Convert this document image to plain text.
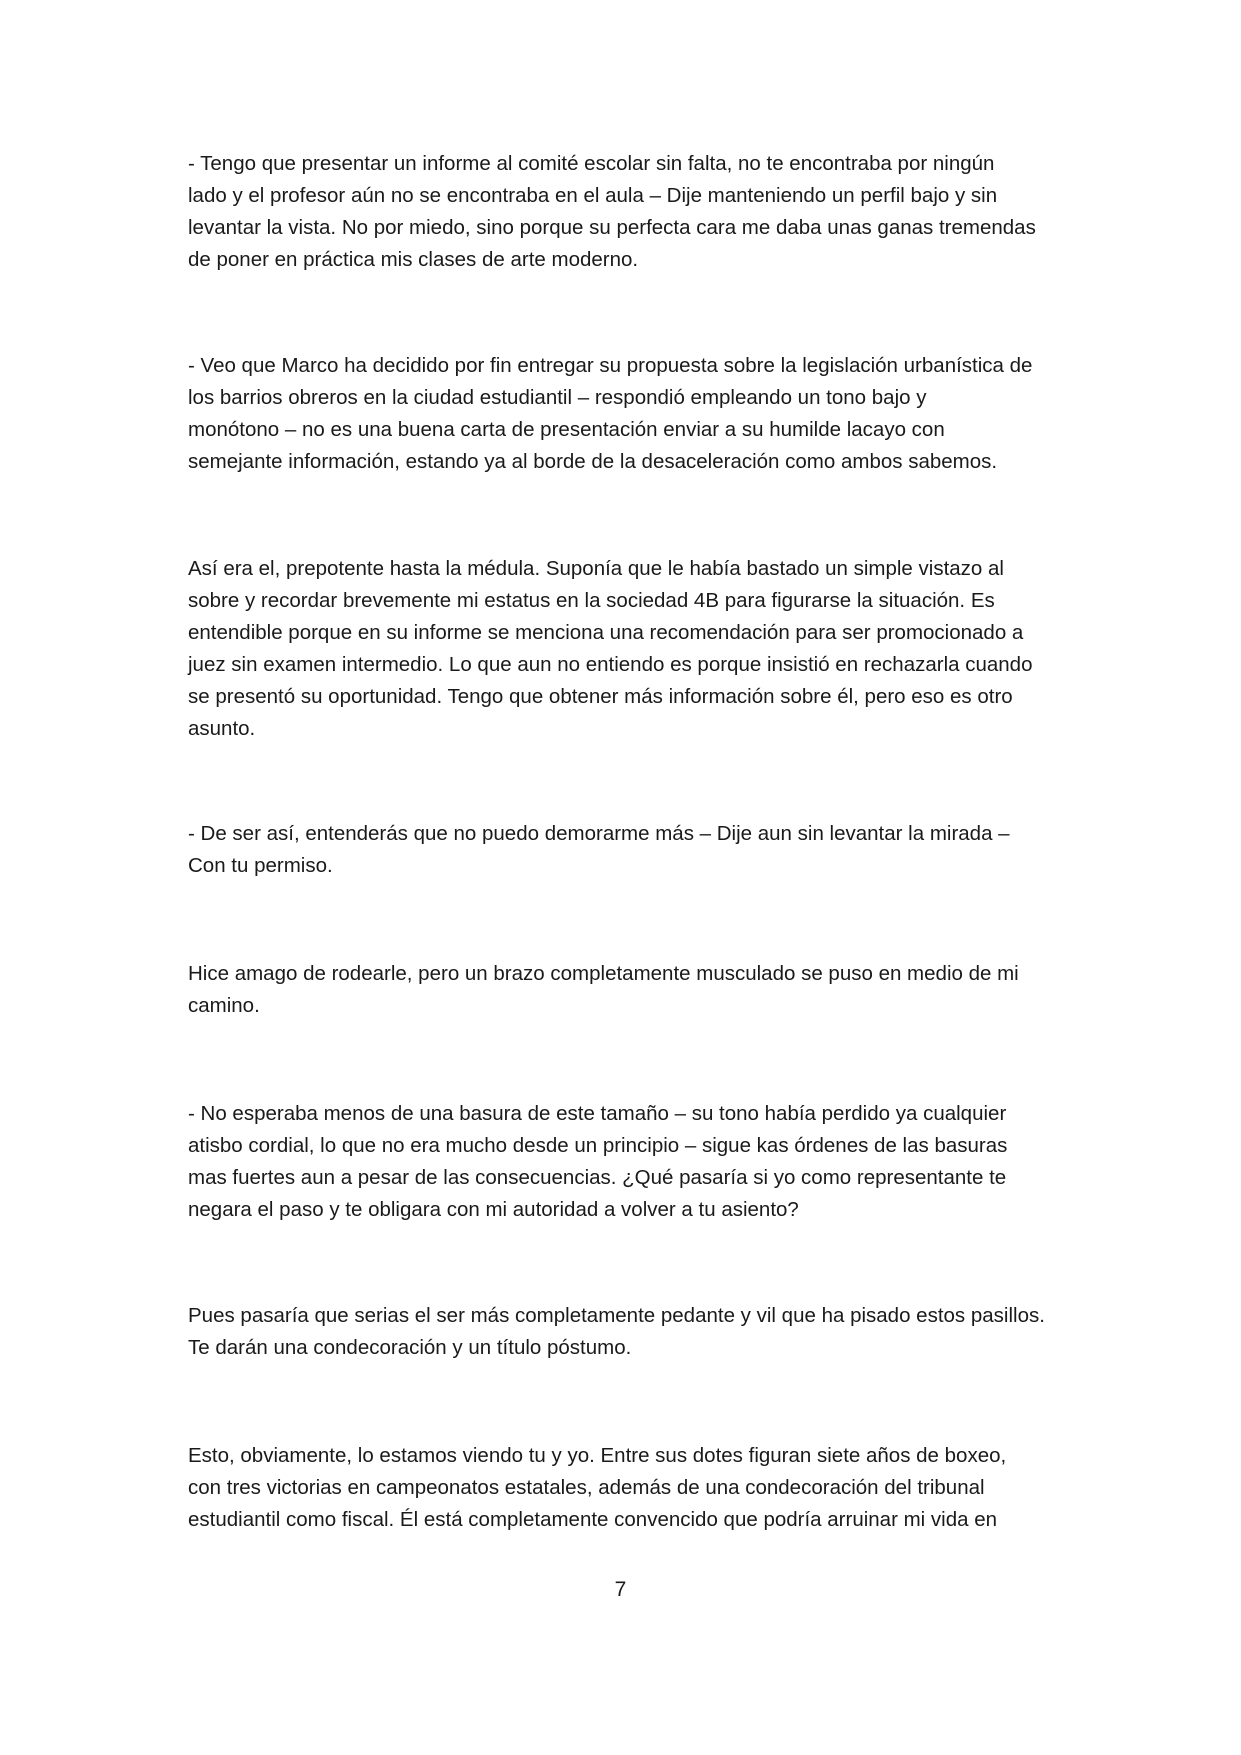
- Tengo que presentar un informe al comité escolar sin falta, no te encontraba por ningún
lado y el profesor aún no se encontraba en el aula – Dije manteniendo un perfil bajo y sin
levantar la vista. No por miedo, sino porque su perfecta cara me daba unas ganas tremendas
de poner en práctica mis clases de arte moderno.

- Veo que Marco ha decidido por fin entregar su propuesta sobre la legislación urbanística de
los barrios obreros en la ciudad estudiantil – respondió empleando un tono bajo y
monótono – no es una buena carta de presentación enviar a su humilde lacayo con
semejante información, estando ya al borde de la desaceleración como ambos sabemos.

Así era el, prepotente hasta la médula. Suponía que le había bastado un simple vistazo al
sobre y recordar brevemente mi estatus en la sociedad 4B para figurarse la situación. Es
entendible porque en su informe se menciona una recomendación para ser promocionado a
juez sin examen intermedio. Lo que aun no entiendo es porque insistió en rechazarla cuando
se presentó su oportunidad. Tengo que obtener más información sobre él, pero eso es otro
asunto.

- De ser así, entenderás que no puedo demorarme más – Dije aun sin levantar la mirada –
Con tu permiso.

Hice amago de rodearle, pero un brazo completamente musculado se puso en medio de mi
camino.

- No esperaba menos de una basura de este tamaño – su tono había perdido ya cualquier
atisbo cordial, lo que no era mucho desde un principio – sigue kas órdenes de las basuras
mas fuertes aun a pesar de las consecuencias. ¿Qué pasaría si yo como representante te
negara el paso y te obligara con mi autoridad a volver a tu asiento?

Pues pasaría que serias el ser más completamente pedante y vil que ha pisado estos pasillos.
Te darán una condecoración y un título póstumo.

Esto, obviamente, lo estamos viendo tu y yo. Entre sus dotes figuran siete años de boxeo,
con tres victorias en campeonatos estatales, además de una condecoración del tribunal
estudiantil como fiscal. Él está completamente convencido que podría arruinar mi vida en

7
